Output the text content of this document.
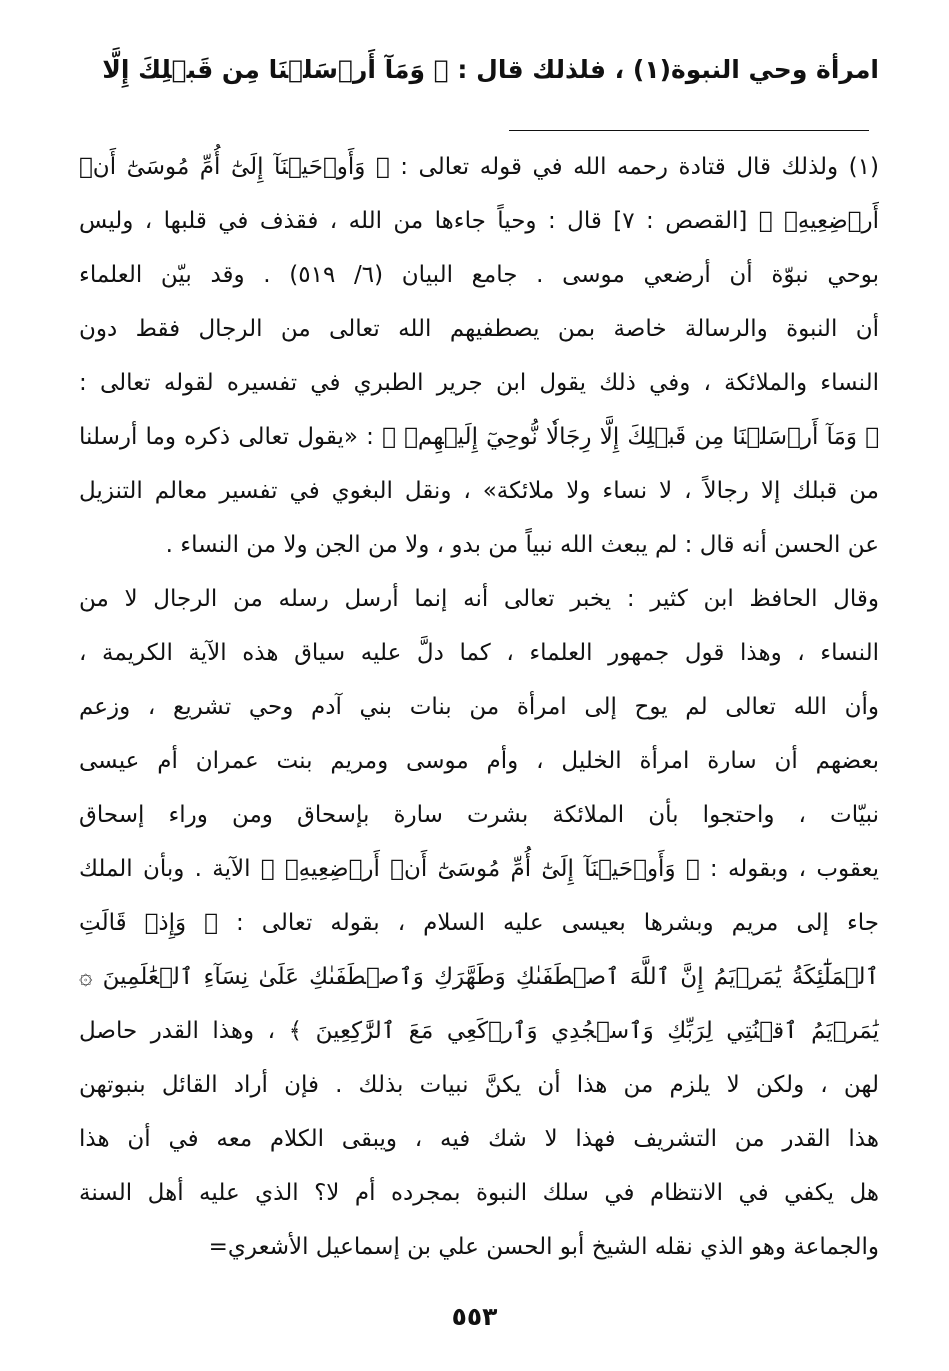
امرأة وحي النبوة(١) ، فلذلك قال : ﴿ وَمَآ أَرۡسَلۡنَا مِن قَبۡلِكَ إِلَّا
(١) ولذلك قال قتادة رحمه الله في قوله تعالى : ﴿ وَأَوۡحَيۡنَآ إِلَىٰٓ أُمِّ مُوسَىٰٓ أَنۡ
أَرۡضِعِيهِۖ ﴾ [القصص : ٧] قال : وحياً جاءها من الله ، فقذف في قلبها ، وليس
بوحي نبوّة أن أرضعي موسى . جامع البيان (٦/ ٥١٩) . وقد بيّن العلماء
أن النبوة والرسالة خاصة بمن يصطفيهم الله تعالى من الرجال فقط دون
النساء والملائكة ، وفي ذلك يقول ابن جرير الطبري في تفسيره لقوله تعالى :
﴿ وَمَآ أَرۡسَلۡنَا مِن قَبۡلِكَ إِلَّا رِجَالٗا نُّوحِيٓ إِلَيۡهِمۡ ﴾ : «يقول تعالى ذكره وما أرسلنا
من قبلك إلا رجالاً ، لا نساء ولا ملائكة» ، ونقل البغوي في تفسير معالم التنزيل
عن الحسن أنه قال : لم يبعث الله نبياً من بدو ، ولا من الجن ولا من النساء .
وقال الحافظ ابن كثير : يخبر تعالى أنه إنما أرسل رسله من الرجال لا من
النساء ، وهذا قول جمهور العلماء ، كما دلَّ عليه سياق هذه الآية الكريمة ،
وأن الله تعالى لم يوح إلى امرأة من بنات بني آدم وحي تشريع ، وزعم
بعضهم أن سارة امرأة الخليل ، وأم موسى ومريم بنت عمران أم عيسى
نبيّات ، واحتجوا بأن الملائكة بشرت سارة بإسحاق ومن وراء إسحاق
يعقوب ، وبقوله : ﴿ وَأَوۡحَيۡنَآ إِلَىٰٓ أُمِّ مُوسَىٰٓ أَنۡ أَرۡضِعِيهِۖ ﴾ الآية . وبأن الملك
جاء إلى مريم وبشرها بعيسى عليه السلام ، بقوله تعالى : ﴿ وَإِذۡ قَالَتِ
ٱلۡمَلَٰٓئِكَةُ يَٰمَرۡيَمُ إِنَّ ٱللَّهَ ٱصۡطَفَىٰكِ وَطَهَّرَكِ وَٱصۡطَفَىٰكِ عَلَىٰ نِسَآءِ ٱلۡعَٰلَمِينَ ۞
يَٰمَرۡيَمُ ٱقۡنُتِي لِرَبِّكِ وَٱسۡجُدِي وَٱرۡكَعِي مَعَ ٱلرَّٰكِعِينَ ﴾ ، وهذا القدر حاصل
لهن ، ولكن لا يلزم من هذا أن يكنَّ نبيات بذلك . فإن أراد القائل بنبوتهن
هذا القدر من التشريف فهذا لا شك فيه ، ويبقى الكلام معه في أن هذا
هل يكفي في الانتظام في سلك النبوة بمجرده أم لا؟ الذي عليه أهل السنة
والجماعة وهو الذي نقله الشيخ أبو الحسن علي بن إسماعيل الأشعري=
٥٥٣
